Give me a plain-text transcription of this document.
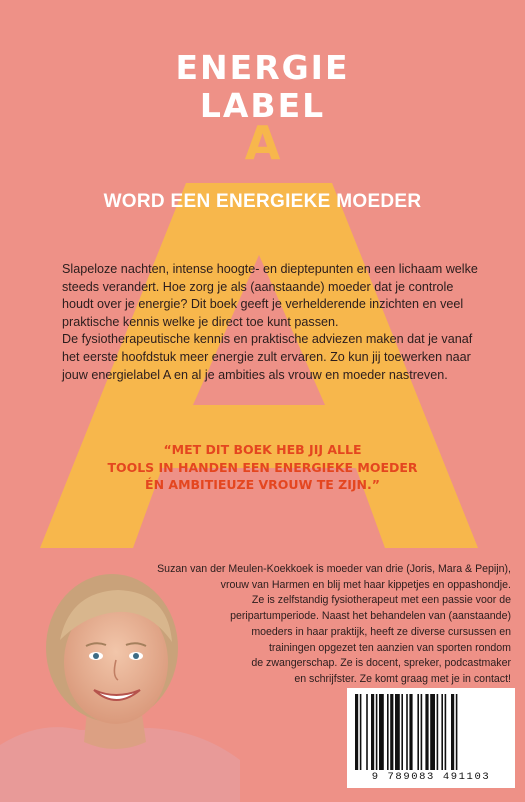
ENERGIE
LABEL
A
WORD EEN ENERGIEKE MOEDER

Slapeloze nachten, intense hoogte- en dieptepunten en een lichaam welke steeds verandert. Hoe zorg je als (aanstaande) moeder dat je controle houdt over je energie? Dit boek geeft je verhelderende inzichten en veel praktische kennis welke je direct toe kunt passen.

De fysiotherapeutische kennis en praktische adviezen maken dat je vanaf het eerste hoofdstuk meer energie zult ervaren. Zo kun jij toewerken naar jouw energielabel A en al je ambities als vrouw en moeder nastreven.

“MET DIT BOEK HEB JIJ ALLE
TOOLS IN HANDEN EEN ENERGIEKE MOEDER
ÉN AMBITIEUZE VROUW TE ZIJN.”
Suzan van der Meulen-Koekkoek is moeder van drie (Joris, Mara & Pepijn),
vrouw van Harmen en blij met haar kippetjes en oppashondje.
Ze is zelfstandig fysiotherapeut met een passie voor de
peripartumperiode. Naast het behandelen van (aanstaande)
moeders in haar praktijk, heeft ze diverse cursussen en
trainingen opgezet ten aanzien van sporten rondom
de zwangerschap. Ze is docent, spreker, podcastmaker
en schrijfster. Ze komt graag met je in contact!
9 789083 491103
